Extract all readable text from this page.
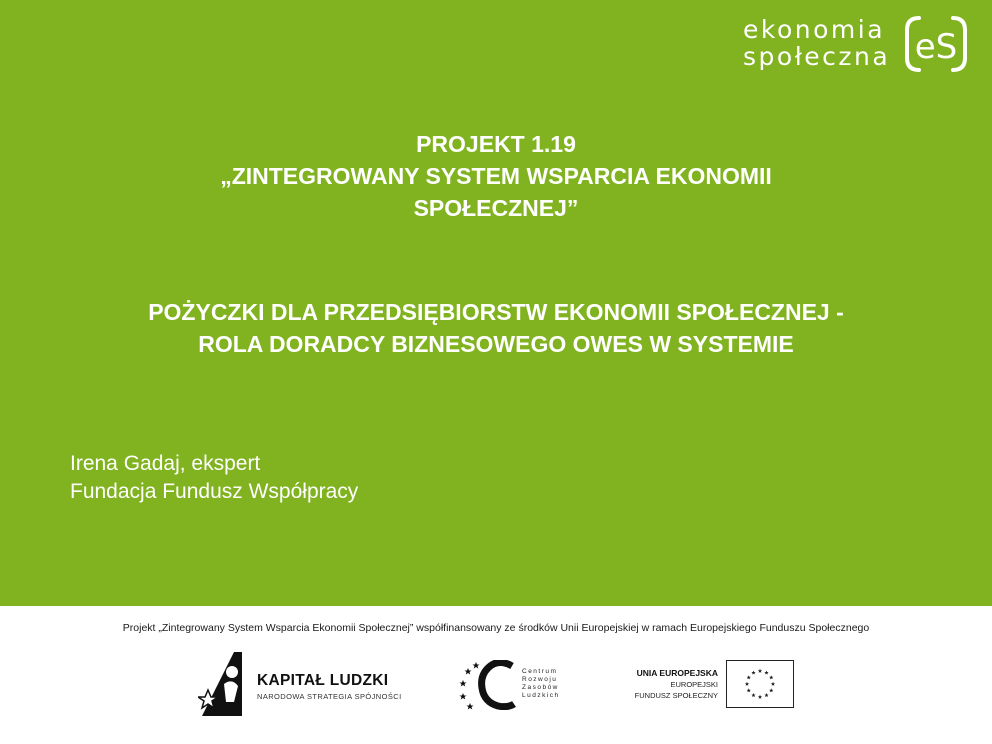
ekonomia
społeczna eS
PROJEKT 1.19
„ZINTEGROWANY SYSTEM WSPARCIA EKONOMII
SPOŁECZNEJ”
POŻYCZKI DLA PRZEDSIĘBIORSTW EKONOMII SPOŁECZNEJ -
ROLA DORADCY BIZNESOWEGO OWES W SYSTEMIE
Irena Gadaj, ekspert
Fundacja Fundusz Współpracy
Projekt „Zintegrowany System Wsparcia Ekonomii Społecznej” współfinansowany ze środków Unii Europejskiej w ramach Europejskiego Funduszu Społecznego
KAPITAŁ LUDZKI
NARODOWA STRATEGIA SPÓJNOŚCI
Centrum
Rozwoju
Zasobów
Ludzkich
UNIA EUROPEJSKA
EUROPEJSKI
FUNDUSZ SPOŁECZNY
